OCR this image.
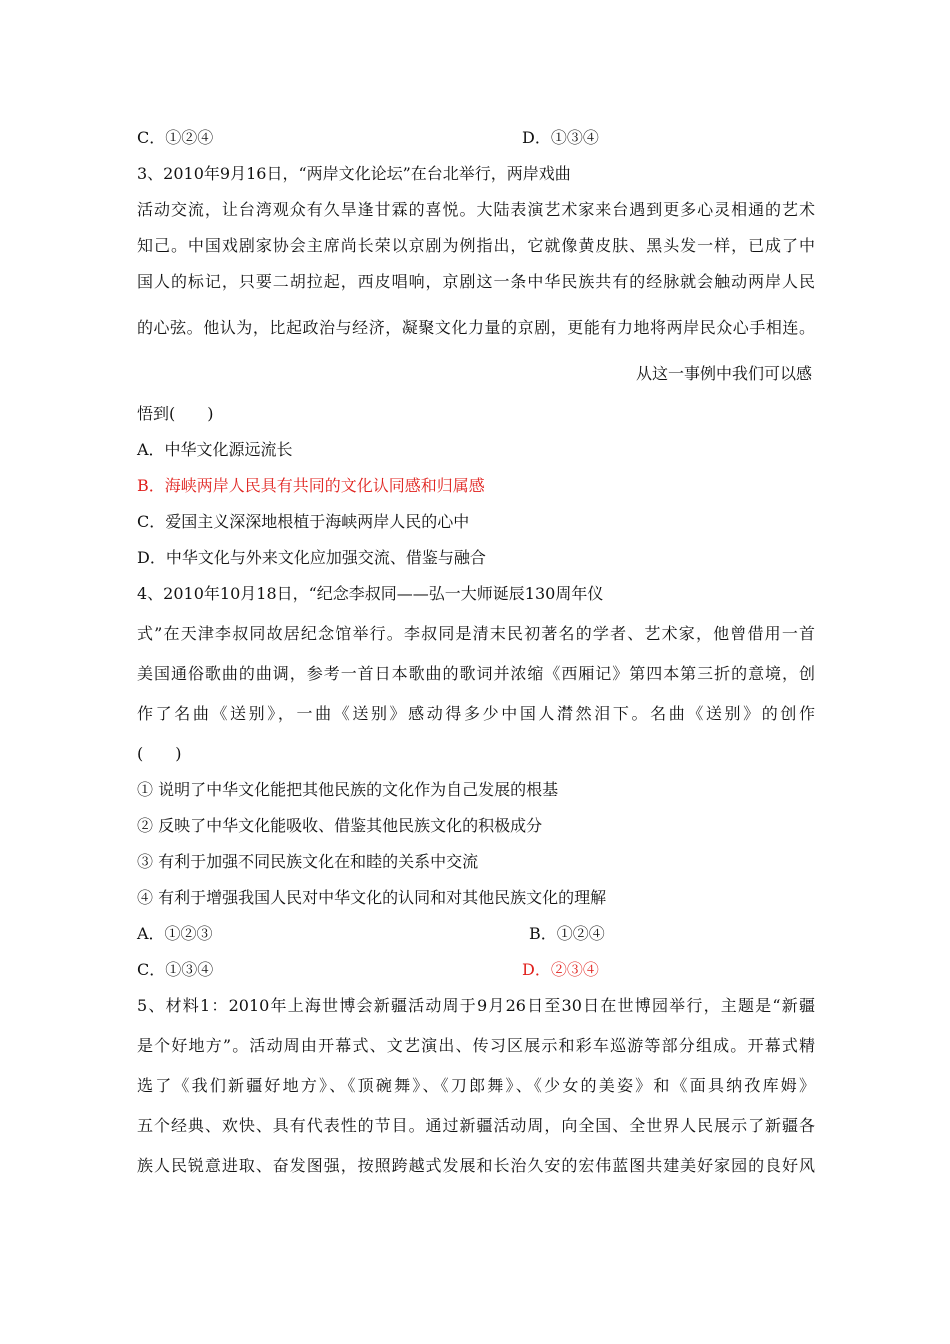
C．①②④	D．①③④
3、2010年9月16日，“两岸文化论坛”在台北举行，两岸戏曲
活动交流，让台湾观众有久旱逢甘霖的喜悦。大陆表演艺术家来台遇到更多心灵相通的艺术
知己。中国戏剧家协会主席尚长荣以京剧为例指出，它就像黄皮肤、黑头发一样，已成了中
国人的标记，只要二胡拉起，西皮唱响，京剧这一条中华民族共有的经脉就会触动两岸人民
的心弦。他认为，比起政治与经济，凝聚文化力量的京剧，更能有力地将两岸民众心手相连。
从这一事例中我们可以感
悟到(　　)
A．中华文化源远流长
B．海峡两岸人民具有共同的文化认同感和归属感
C．爱国主义深深地根植于海峡两岸人民的心中
D．中华文化与外来文化应加强交流、借鉴与融合
4、2010年10月18日，“纪念李叔同——弘一大师诞辰130周年仪
式”在天津李叔同故居纪念馆举行。李叔同是清末民初著名的学者、艺术家，他曾借用一首
美国通俗歌曲的曲调，参考一首日本歌曲的歌词并浓缩《西厢记》第四本第三折的意境，创
作了名曲《送别》，一曲《送别》感动得多少中国人潸然泪下。名曲《送别》的创作
(　　)
① 说明了中华文化能把其他民族的文化作为自己发展的根基
② 反映了中华文化能吸收、借鉴其他民族文化的积极成分
③ 有利于加强不同民族文化在和睦的关系中交流
④ 有利于增强我国人民对中华文化的认同和对其他民族文化的理解
A．①②③	B．①②④
C．①③④	D．②③④
5、材料1：2010年上海世博会新疆活动周于9月26日至30日在世博园举行，主题是“新疆
是个好地方”。活动周由开幕式、文艺演出、传习区展示和彩车巡游等部分组成。开幕式精
选了《我们新疆好地方》、《顶碗舞》、《刀郎舞》、《少女的美姿》和《面具纳孜库姆》
五个经典、欢快、具有代表性的节目。通过新疆活动周，向全国、全世界人民展示了新疆各
族人民锐意进取、奋发图强，按照跨越式发展和长治久安的宏伟蓝图共建美好家园的良好风
